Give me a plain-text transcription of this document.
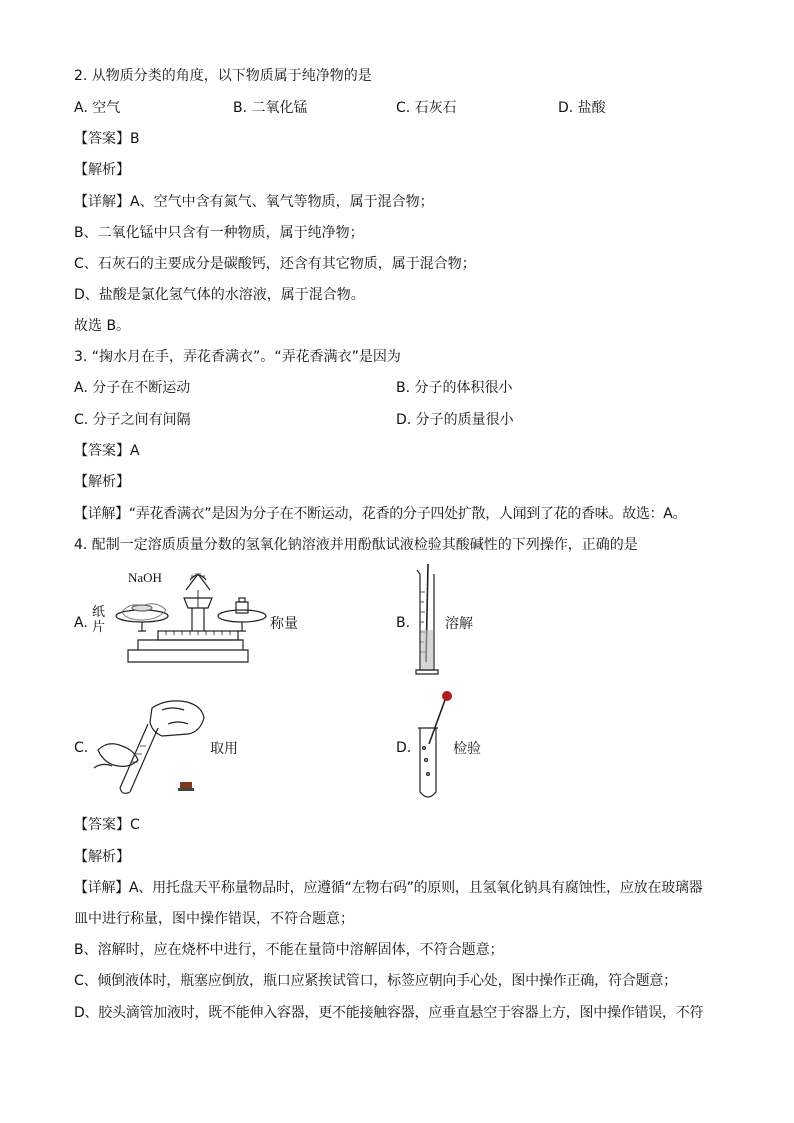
2. 从物质分类的角度，以下物质属于纯净物的是
A. 空气	B. 二氧化锰	C. 石灰石	D. 盐酸
【答案】B
【解析】
【详解】A、空气中含有氮气、氧气等物质，属于混合物；
B、二氧化锰中只含有一种物质，属于纯净物；
C、石灰石的主要成分是碳酸钙，还含有其它物质，属于混合物；
D、盐酸是氯化氢气体的水溶液，属于混合物。
故选 B。
3. “掬水月在手，弄花香满衣”。“弄花香满衣”是因为
A. 分子在不断运动	B. 分子的体积很小
C. 分子之间有间隔	D. 分子的质量很小
【答案】A
【解析】
【详解】“弄花香满衣”是因为分子在不断运动，花香的分子四处扩散，人闻到了花的香味。故选：A。
4. 配制一定溶质质量分数的氢氧化钠溶液并用酚酞试液检验其酸碱性的下列操作，正确的是
A.
NaOH
纸
片	称量	B. 溶解
C.	取用	D.	检验
【答案】C
【解析】
【详解】A、用托盘天平称量物品时，应遵循“左物右码”的原则，且氢氧化钠具有腐蚀性，应放在玻璃器
皿中进行称量，图中操作错误，不符合题意；
B、溶解时，应在烧杯中进行，不能在量筒中溶解固体，不符合题意；
C、倾倒液体时，瓶塞应倒放，瓶口应紧挨试管口，标签应朝向手心处，图中操作正确，符合题意；
D、胶头滴管加液时，既不能伸入容器，更不能接触容器，应垂直悬空于容器上方，图中操作错误，不符
